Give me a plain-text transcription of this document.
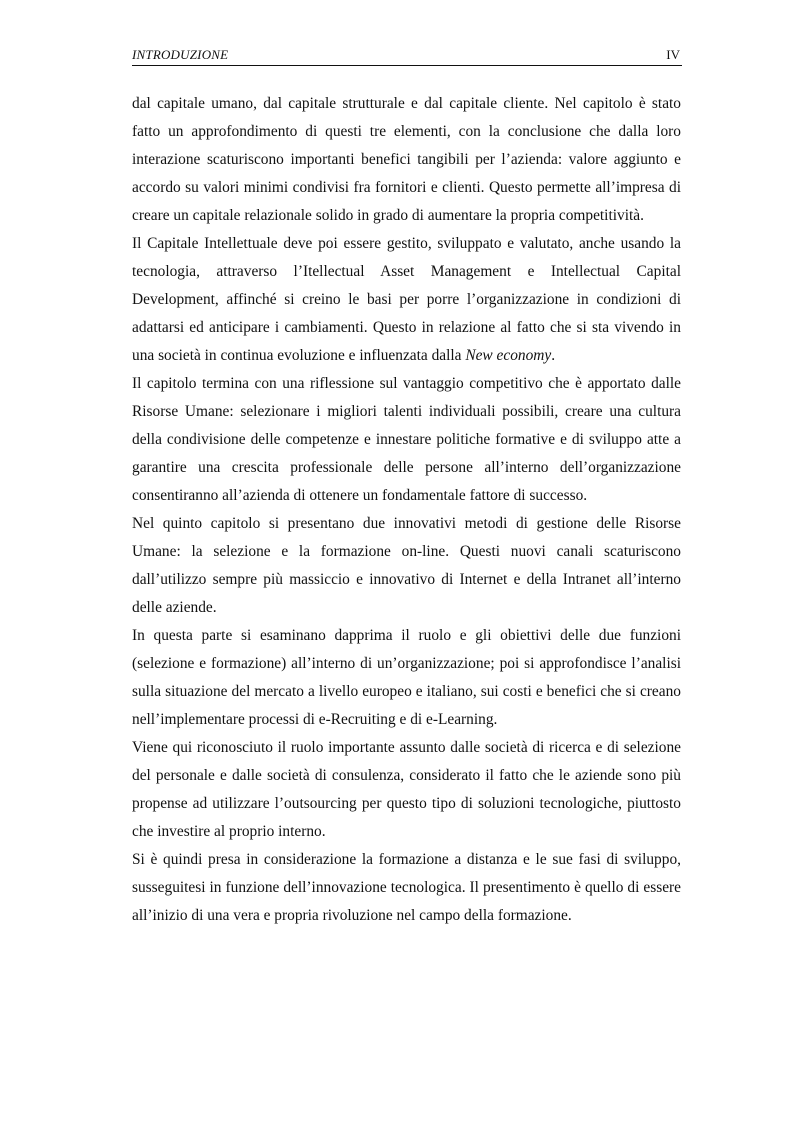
INTRODUZIONE	IV

dal capitale umano, dal capitale strutturale e dal capitale cliente. Nel capitolo è stato fatto un approfondimento di questi tre elementi, con la conclusione che dalla loro interazione scaturiscono importanti benefici tangibili per l’azienda: valore aggiunto e accordo su valori minimi condivisi fra fornitori e clienti. Questo permette all’impresa di creare un capitale relazionale solido in grado di aumentare la propria competitività.

Il Capitale Intellettuale deve poi essere gestito, sviluppato e valutato, anche usando la tecnologia, attraverso l’Itellectual Asset Management e Intellectual Capital Development, affinché si creino le basi per porre l’organizzazione in condizioni di adattarsi ed anticipare i cambiamenti. Questo in relazione al fatto che si sta vivendo in una società in continua evoluzione e influenzata dalla New economy.

Il capitolo termina con una riflessione sul vantaggio competitivo che è apportato dalle Risorse Umane: selezionare i migliori talenti individuali possibili, creare una cultura della condivisione delle competenze e innestare politiche formative e di sviluppo atte a garantire una crescita professionale delle persone all’interno dell’organizzazione consentiranno all’azienda di ottenere un fondamentale fattore di successo.

Nel quinto capitolo si presentano due innovativi metodi di gestione delle Risorse Umane: la selezione e la formazione on-line. Questi nuovi canali scaturiscono dall’utilizzo sempre più massiccio e innovativo di Internet e della Intranet all’interno delle aziende.

In questa parte si esaminano dapprima il ruolo e gli obiettivi delle due funzioni (selezione e formazione) all’interno di un’organizzazione; poi si approfondisce l’analisi sulla situazione del mercato a livello europeo e italiano, sui costi e benefici che si creano nell’implementare processi di e-Recruiting e di e-Learning.

Viene qui riconosciuto il ruolo importante assunto dalle società di ricerca e di selezione del personale e dalle società di consulenza, considerato il fatto che le aziende sono più propense ad utilizzare l’outsourcing per questo tipo di soluzioni tecnologiche, piuttosto che investire al proprio interno.

Si è quindi presa in considerazione la formazione a distanza e le sue fasi di sviluppo, susseguitesi in funzione dell’innovazione tecnologica. Il presentimento è quello di essere all’inizio di una vera e propria rivoluzione nel campo della formazione.
